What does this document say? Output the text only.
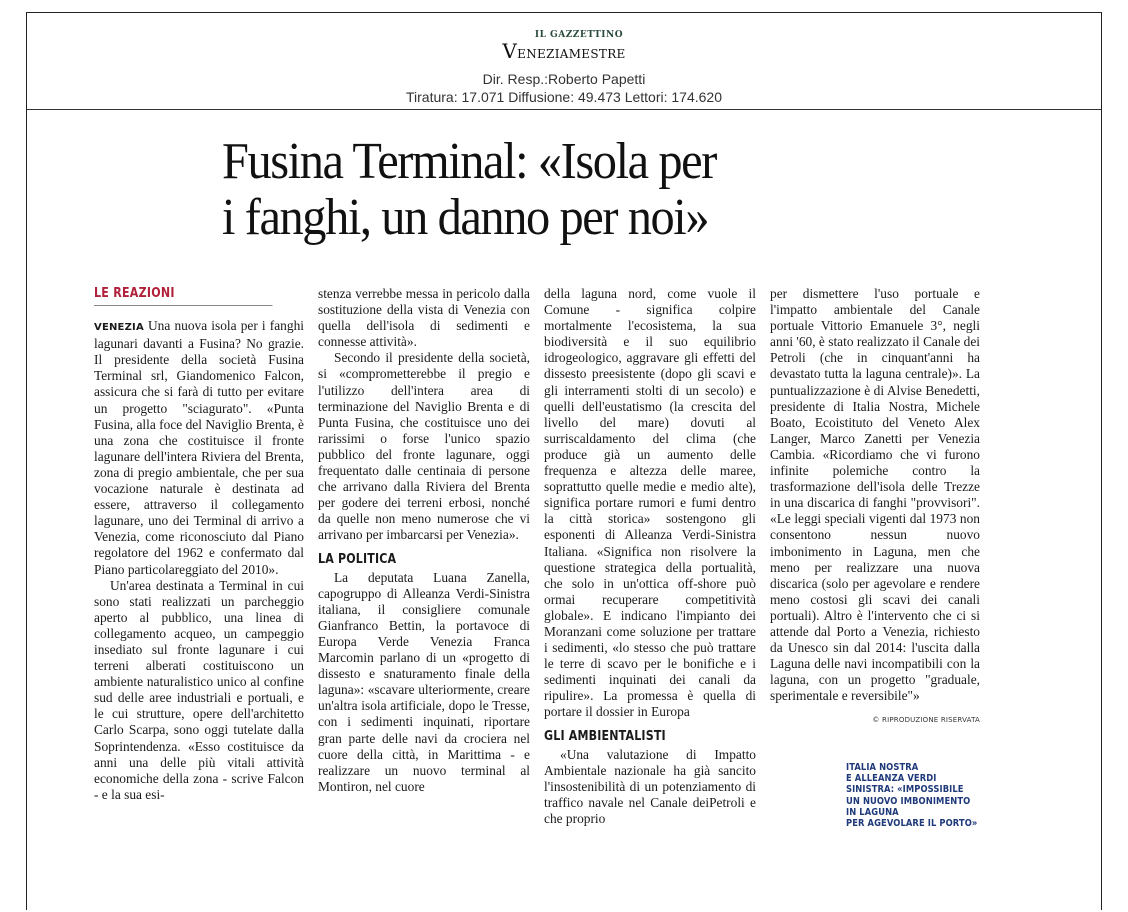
IL GAZZETTINO
VENEZIAMESTRE
Dir. Resp.:Roberto Papetti
Tiratura: 17.071 Diffusione: 49.473 Lettori: 174.620
Fusina Terminal: «Isola per
i fanghi, un danno per noi»
LE REAZIONI

VENEZIA Una nuova isola per i fanghi lagunari davanti a Fusina? No grazie. Il presidente della società Fusina Terminal srl, Giandomenico Falcon, assicura che si farà di tutto per evitare un progetto "sciagurato". «Punta Fusina, alla foce del Naviglio Brenta, è una zona che costituisce il fronte lagunare dell'intera Riviera del Brenta, zona di pregio ambientale, che per sua vocazione naturale è destinata ad essere, attraverso il collegamento lagunare, uno dei Terminal di arrivo a Venezia, come riconosciuto dal Piano regolatore del 1962 e confermato dal Piano particolareggiato del 2010».

Un'area destinata a Terminal in cui sono stati realizzati un parcheggio aperto al pubblico, una linea di collegamento acqueo, un campeggio insediato sul fronte lagunare i cui terreni alberati costituiscono un ambiente naturalistico unico al confine sud delle aree industriali e portuali, e le cui strutture, opere dell'architetto Carlo Scarpa, sono oggi tutelate dalla Soprintendenza. «Esso costituisce da anni una delle più vitali attività economiche della zona - scrive Falcon - e la sua esi-

stenza verrebbe messa in pericolo dalla sostituzione della vista di Venezia con quella dell'isola di sedimenti e connesse attività».

Secondo il presidente della società, si «comprometterebbe il pregio e l'utilizzo dell'intera area di terminazione del Naviglio Brenta e di Punta Fusina, che costituisce uno dei rarissimi o forse l'unico spazio pubblico del fronte lagunare, oggi frequentato dalle centinaia di persone che arrivano dalla Riviera del Brenta per godere dei terreni erbosi, nonché da quelle non meno numerose che vi arrivano per imbarcarsi per Venezia».

LA POLITICA

La deputata Luana Zanella, capogruppo di Alleanza Verdi-Sinistra italiana, il consigliere comunale Gianfranco Bettin, la portavoce di Europa Verde Venezia Franca Marcomin parlano di un «progetto di dissesto e snaturamento finale della laguna»: «scavare ulteriormente, creare un'altra isola artificiale, dopo le Tresse, con i sedimenti inquinati, riportare gran parte delle navi da crociera nel cuore della città, in Marittima - e realizzare un nuovo terminal al Montiron, nel cuore

della laguna nord, come vuole il Comune - significa colpire mortalmente l'ecosistema, la sua biodiversità e il suo equilibrio idrogeologico, aggravare gli effetti del dissesto preesistente (dopo gli scavi e gli interramenti stolti di un secolo) e quelli dell'eustatismo (la crescita del livello del mare) dovuti al surriscaldamento del clima (che produce già un aumento delle frequenza e altezza delle maree, soprattutto quelle medie e medio alte), significa portare rumori e fumi dentro la città storica» sostengono gli esponenti di Alleanza Verdi-Sinistra Italiana. «Significa non risolvere la questione strategica della portualità, che solo in un'ottica off-shore può ormai recuperare competitività globale». E indicano l'impianto dei Moranzani come soluzione per trattare i sedimenti, «lo stesso che può trattare le terre di scavo per le bonifiche e i sedimenti inquinati dei canali da ripulire». La promessa è quella di portare il dossier in Europa

GLI AMBIENTALISTI

«Una valutazione di Impatto Ambientale nazionale ha già sancito l'insostenibilità di un potenziamento di traffico navale nel Canale deiPetroli e che proprio

per dismettere l'uso portuale e l'impatto ambientale del Canale portuale Vittorio Emanuele 3°, negli anni '60, è stato realizzato il Canale dei Petroli (che in cinquant'anni ha devastato tutta la laguna centrale)». La puntualizzazione è di Alvise Benedetti, presidente di Italia Nostra, Michele Boato, Ecoistituto del Veneto Alex Langer, Marco Zanetti per Venezia Cambia. «Ricordiamo che vi furono infinite polemiche contro la trasformazione dell'isola delle Trezze in una discarica di fanghi "provvisori". «Le leggi speciali vigenti dal 1973 non consentono nessun nuovo imbonimento in Laguna, men che meno per realizzare una nuova discarica (solo per agevolare e rendere meno costosi gli scavi dei canali portuali). Altro è l'intervento che ci si attende dal Porto a Venezia, richiesto da Unesco sin dal 2014: l'uscita dalla Laguna delle navi incompatibili con la laguna, con un progetto "graduale, sperimentale e reversibile"»

© RIPRODUZIONE RISERVATA
ITALIA NOSTRA
E ALLEANZA VERDI
SINISTRA: «IMPOSSIBILE
UN NUOVO IMBONIMENTO
IN LAGUNA
PER AGEVOLARE IL PORTO»
